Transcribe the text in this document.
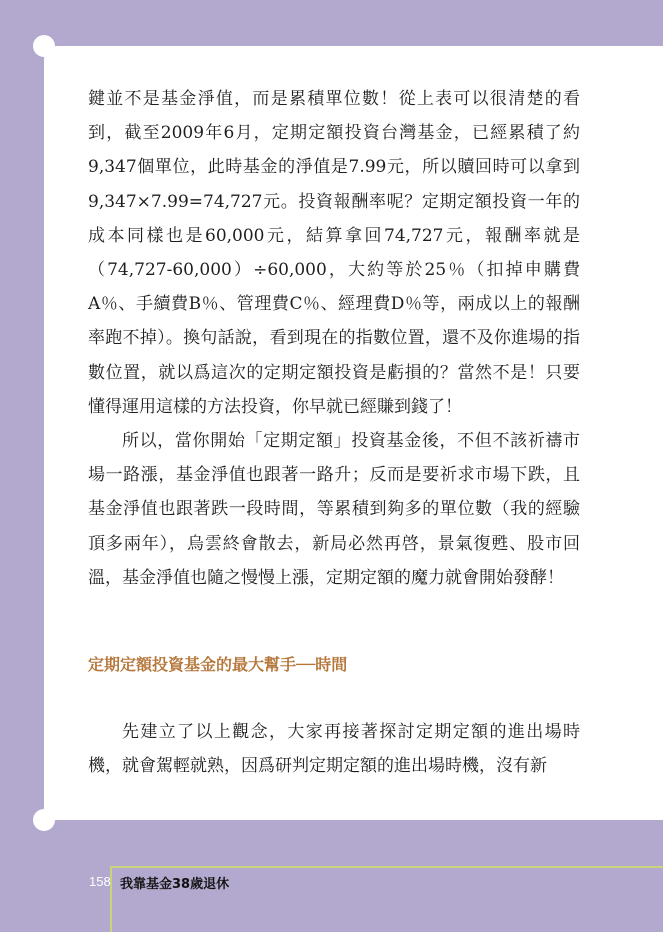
鍵並不是基金淨值，而是累積單位數！從上表可以很清楚的看到，截至2009年6月，定期定額投資台灣基金，已經累積了約9,347個單位，此時基金的淨值是7.99元，所以贖回時可以拿到9,347×7.99=74,727元。投資報酬率呢？定期定額投資一年的成本同樣也是60,000元，結算拿回74,727元，報酬率就是（74,727-60,000）÷60,000，大約等於25％（扣掉申購費A％、手續費B％、管理費C％、經理費D％等，兩成以上的報酬率跑不掉）。換句話說，看到現在的指數位置，還不及你進場的指數位置，就以爲這次的定期定額投資是虧損的？當然不是！只要懂得運用這樣的方法投資，你早就已經賺到錢了！

所以，當你開始「定期定額」投資基金後，不但不該祈禱市場一路漲，基金淨值也跟著一路升；反而是要祈求市場下跌，且基金淨值也跟著跌一段時間，等累積到夠多的單位數（我的經驗頂多兩年），烏雲終會散去，新局必然再啓，景氣復甦、股市回溫，基金淨值也隨之慢慢上漲，定期定額的魔力就會開始發酵！

定期定額投資基金的最大幫手──時間

先建立了以上觀念，大家再接著探討定期定額的進出場時機，就會駕輕就熟，因爲研判定期定額的進出場時機，沒有新

158 我靠基金38歲退休
